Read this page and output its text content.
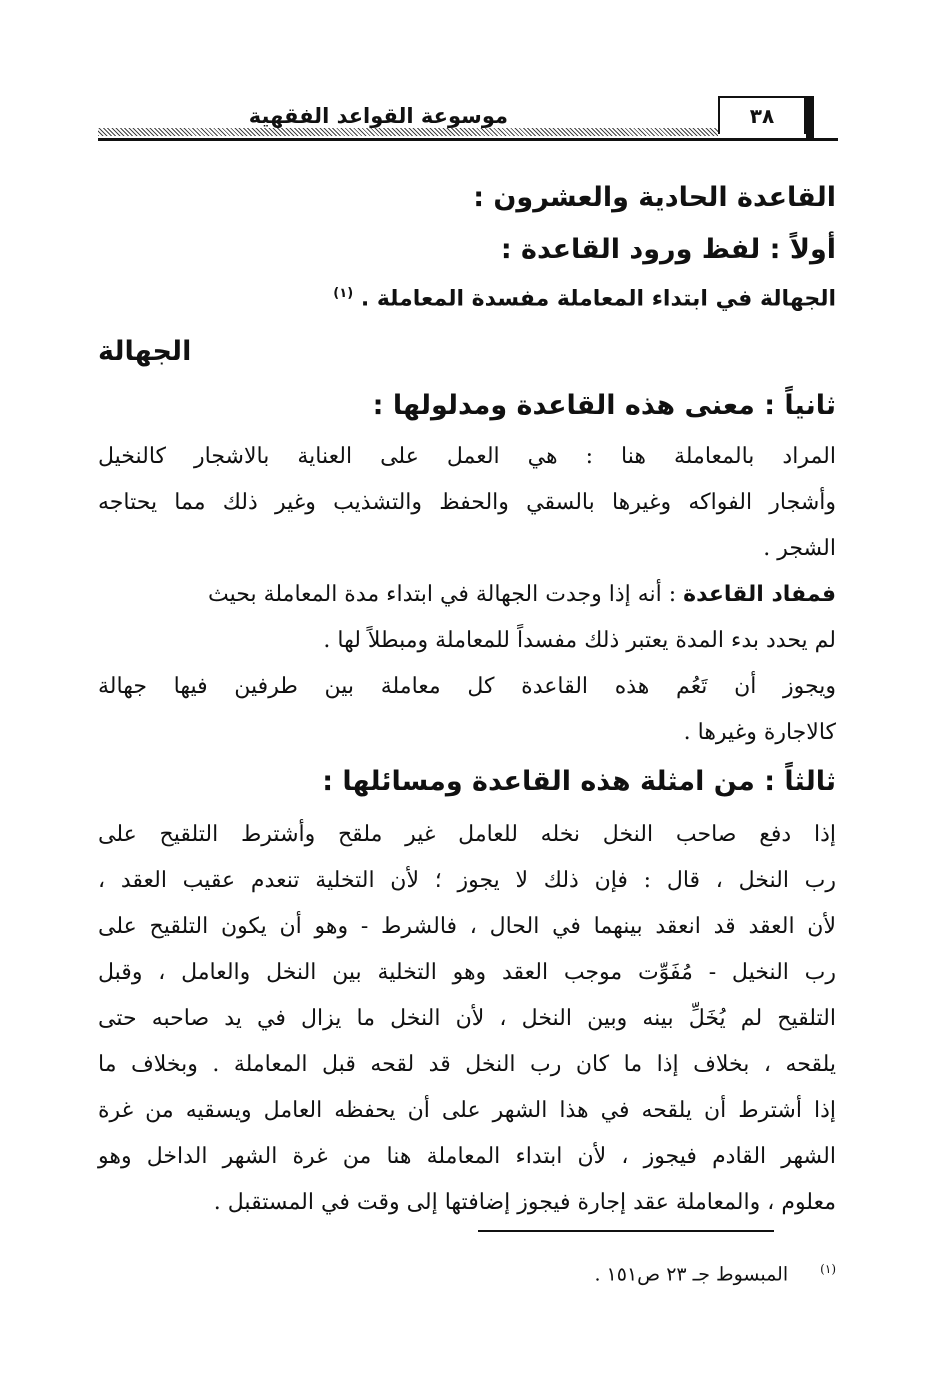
موسوعة القواعد الفقهية	٣٨
القاعدة الحادية والعشرون :
أولاً : لفظ ورود القاعدة :
الجهالة في ابتداء المعاملة مفسدة المعاملة . $^{(١)}$
الجهالة
ثانياً : معنى هذه القاعدة ومدلولها :
المراد بالمعاملة هنا : هي العمل على العناية بالاشجار كالنخيل
وأشجار الفواكه وغيرها بالسقي والحفظ والتشذيب وغير ذلك مما يحتاجه
الشجر .
فمفاد القاعدة : أنه إذا وجدت الجهالة في ابتداء مدة المعاملة بحيث
لم يحدد بدء المدة يعتبر ذلك مفسداً للمعاملة ومبطلاً لها .
ويجوز أن تَعُم هذه القاعدة كل معاملة بين طرفين فيها جهالة
كالاجارة وغيرها .
ثالثاً : من امثلة هذه القاعدة ومسائلها :
إذا دفع صاحب النخل نخله للعامل غير ملقح وأشترط التلقيح على
رب النخل ، قال : فإن ذلك لا يجوز ؛ لأن التخلية تنعدم عقيب العقد ،
لأن العقد قد انعقد بينهما في الحال ، فالشرط - وهو أن يكون التلقيح على
رب النخيل - مُفَوِّت موجب العقد وهو التخلية بين النخل والعامل ، وقبل
التلقيح لم يُخَلِّ بينه وبين النخل ، لأن النخل ما يزال في يد صاحبه حتى
يلقحه ، بخلاف إذا ما كان رب النخل قد لقحه قبل المعاملة . وبخلاف ما
إذا أشترط أن يلقحه في هذا الشهر على أن يحفظه العامل ويسقيه من غرة
الشهر القادم فيجوز ، لأن ابتداء المعاملة هنا من غرة الشهر الداخل وهو
معلوم ، والمعاملة عقد إجارة فيجوز إضافتها إلى وقت في المستقبل .
$^{(١)}$ المبسوط جـ ٢٣ ص١٥١ .
